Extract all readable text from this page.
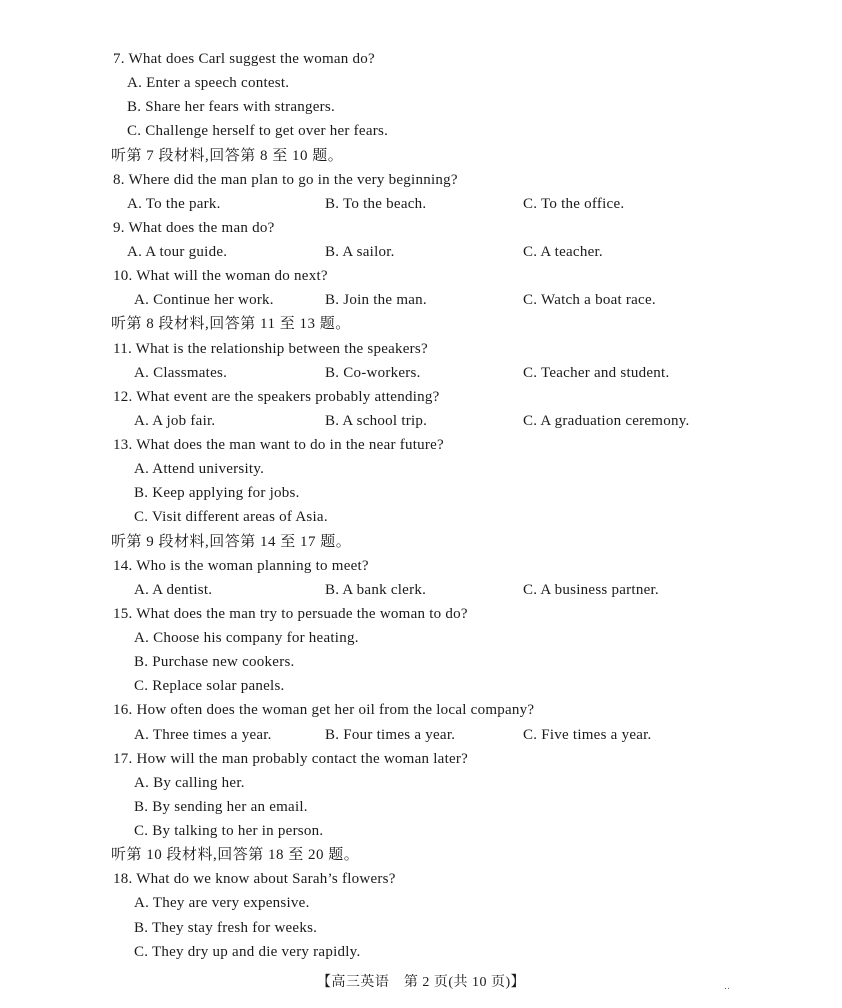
7. What does Carl suggest the woman do?
A. Enter a speech contest.
B. Share her fears with strangers.
C. Challenge herself to get over her fears.
听第 7 段材料,回答第 8 至 10 题。
8. Where did the man plan to go in the very beginning?
A. To the park.	B. To the beach.	C. To the office.
9. What does the man do?
A. A tour guide.	B. A sailor.	C. A teacher.
10. What will the woman do next?
A. Continue her work.	B. Join the man.	C. Watch a boat race.
听第 8 段材料,回答第 11 至 13 题。
11. What is the relationship between the speakers?
A. Classmates.	B. Co-workers.	C. Teacher and student.
12. What event are the speakers probably attending?
A. A job fair.	B. A school trip.	C. A graduation ceremony.
13. What does the man want to do in the near future?
A. Attend university.
B. Keep applying for jobs.
C. Visit different areas of Asia.
听第 9 段材料,回答第 14 至 17 题。
14. Who is the woman planning to meet?
A. A dentist.	B. A bank clerk.	C. A business partner.
15. What does the man try to persuade the woman to do?
A. Choose his company for heating.
B. Purchase new cookers.
C. Replace solar panels.
16. How often does the woman get her oil from the local company?
A. Three times a year.	B. Four times a year.	C. Five times a year.
17. How will the man probably contact the woman later?
A. By calling her.
B. By sending her an email.
C. By talking to her in person.
听第 10 段材料,回答第 18 至 20 题。
18. What do we know about Sarah’s flowers?
A. They are very expensive.
B. They stay fresh for weeks.
C. They dry up and die very rapidly.
【高三英语　第 2 页(共 10 页)】	‥
